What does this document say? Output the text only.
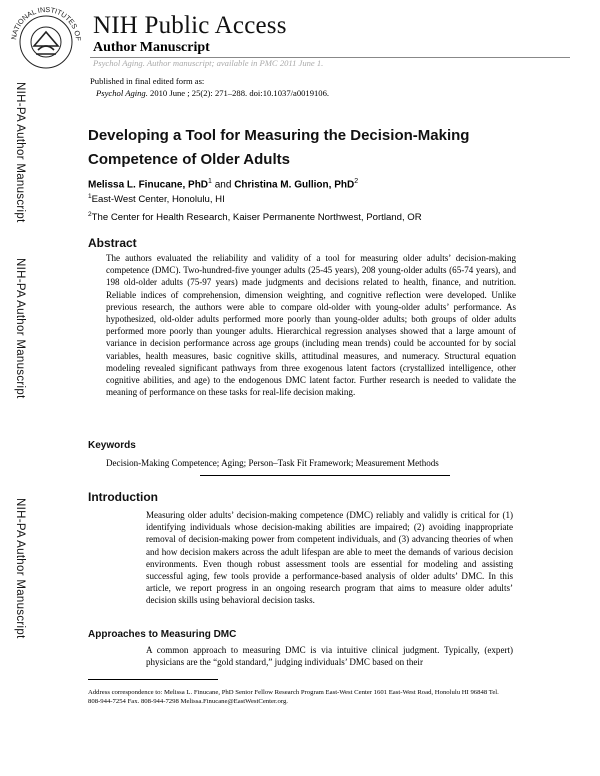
NATIONAL INSTITUTES OF NIH Public Access
Author Manuscript
Psychol Aging. Author manuscript; available in PMC 2011 June 1.
Published in final edited form as:
Psychol Aging. 2010 June ; 25(2): 271–288. doi:10.1037/a0019106.
NIH-PA Author Manuscript
NIH-PA Author Manuscript
NIH-PA Author Manuscript
Developing a Tool for Measuring the Decision-Making Competence of Older Adults
Melissa L. Finucane, PhD$^1$ and Christina M. Gullion, PhD$^2$
$^1$East-West Center, Honolulu, HI
$^2$The Center for Health Research, Kaiser Permanente Northwest, Portland, OR
Abstract

The authors evaluated the reliability and validity of a tool for measuring older adults’ decision-making competence (DMC). Two-hundred-five younger adults (25-45 years), 208 young-older adults (65-74 years), and 198 old-older adults (75-97 years) made judgments and decisions related to health, finance, and nutrition. Reliable indices of comprehension, dimension weighting, and cognitive reflection were developed. Unlike previous research, the authors were able to compare old-older with young-older adults’ performance. As hypothesized, old-older adults performed more poorly than young-older adults; both groups of older adults performed more poorly than younger adults. Hierarchical regression analyses showed that a large amount of variance in decision performance across age groups (including mean trends) could be accounted for by social variables, health measures, basic cognitive skills, attitudinal measures, and numeracy. Structural equation modeling revealed significant pathways from three exogenous latent factors (crystallized intelligence, other cognitive abilities, and age) to the endogenous DMC latent factor. Further research is needed to validate the meaning of performance on these tasks for real-life decision making.

Keywords
Decision-Making Competence; Aging; Person–Task Fit Framework; Measurement Methods
Introduction

Measuring older adults’ decision-making competence (DMC) reliably and validly is critical for (1) identifying individuals whose decision-making abilities are impaired; (2) avoiding inappropriate removal of decision-making power from competent individuals, and (3) advancing theories of when and how decision makers across the adult lifespan are able to meet the demands of various decision environments. Even though robust assessment tools are essential for modeling and assisting successful aging, few tools provide a performance-based analysis of older adults’ DMC. In this article, we report progress in an ongoing research program that aims to measure older adults’ decision skills using behavioral decision tasks.

Approaches to Measuring DMC

A common approach to measuring DMC is via intuitive clinical judgment. Typically, (expert) physicians are the “gold standard,” judging individuals’ DMC based on their

Address correspondence to: Melissa L. Finucane, PhD Senior Fellow Research Program East-West Center 1601 East-West Road, Honolulu HI 96848 Tel. 808-944-7254 Fax. 808-944-7298 Melissa.Finucane@EastWestCenter.org.
